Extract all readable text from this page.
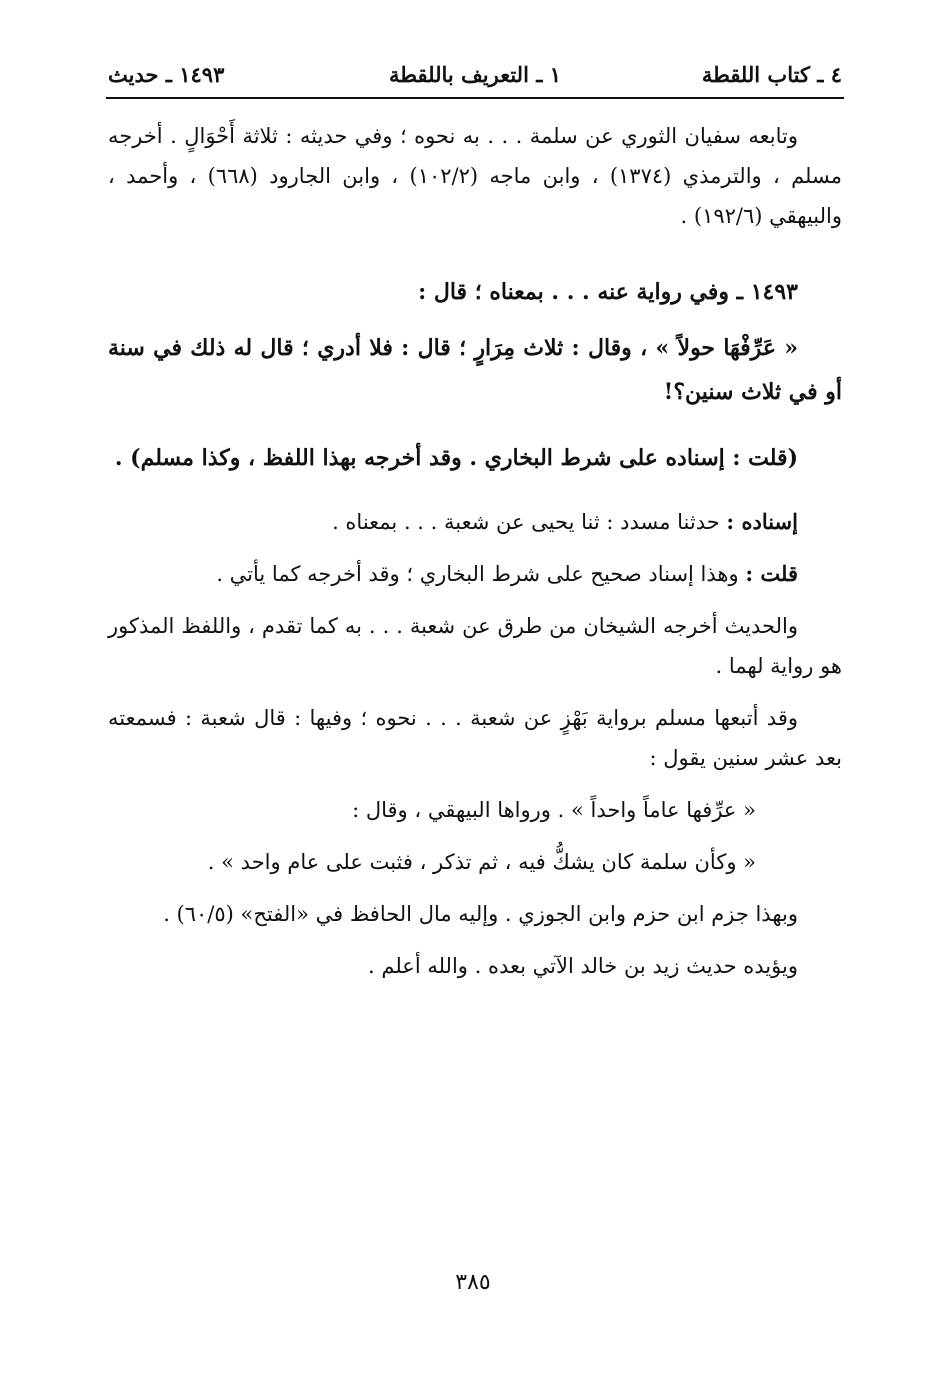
٤ ـ كتاب اللقطة
١ ـ التعريف باللقطة
١٤٩٣ ـ حديث

وتابعه سفيان الثوري عن سلمة . . . به نحوه ؛ وفي حديثه : ثلاثة أَحْوَالٍ . أخرجه مسلم ، والترمذي (١٣٧٤) ، وابن ماجه (١٠٢/٢) ، وابن الجارود (٦٦٨) ، وأحمد ، والبيهقي (١٩٢/٦) .

١٤٩٣ ـ وفي رواية عنه . . . بمعناه ؛ قال :

« عَرِّفْهَا حولاً » ، وقال : ثلاث مِرَارٍ ؛ قال : فلا أدري ؛ قال له ذلك في سنة أو في ثلاث سنين؟!

(قلت : إسناده على شرط البخاري . وقد أخرجه بهذا اللفظ ، وكذا مسلم) .

إسناده : حدثنا مسدد : ثنا يحيى عن شعبة . . . بمعناه .

قلت : وهذا إسناد صحيح على شرط البخاري ؛ وقد أخرجه كما يأتي .

والحديث أخرجه الشيخان من طرق عن شعبة . . . به كما تقدم ، واللفظ المذكور هو رواية لهما .

وقد أتبعها مسلم برواية بَهْزٍ عن شعبة . . . نحوه ؛ وفيها : قال شعبة : فسمعته بعد عشر سنين يقول :

« عرِّفها عاماً واحداً » . ورواها البيهقي ، وقال :

« وكأن سلمة كان يشكُّ فيه ، ثم تذكر ، فثبت على عام واحد » .

وبهذا جزم ابن حزم وابن الجوزي . وإليه مال الحافظ في «الفتح» (٦٠/٥) .

ويؤيده حديث زيد بن خالد الآتي بعده . والله أعلم .

٣٨٥
